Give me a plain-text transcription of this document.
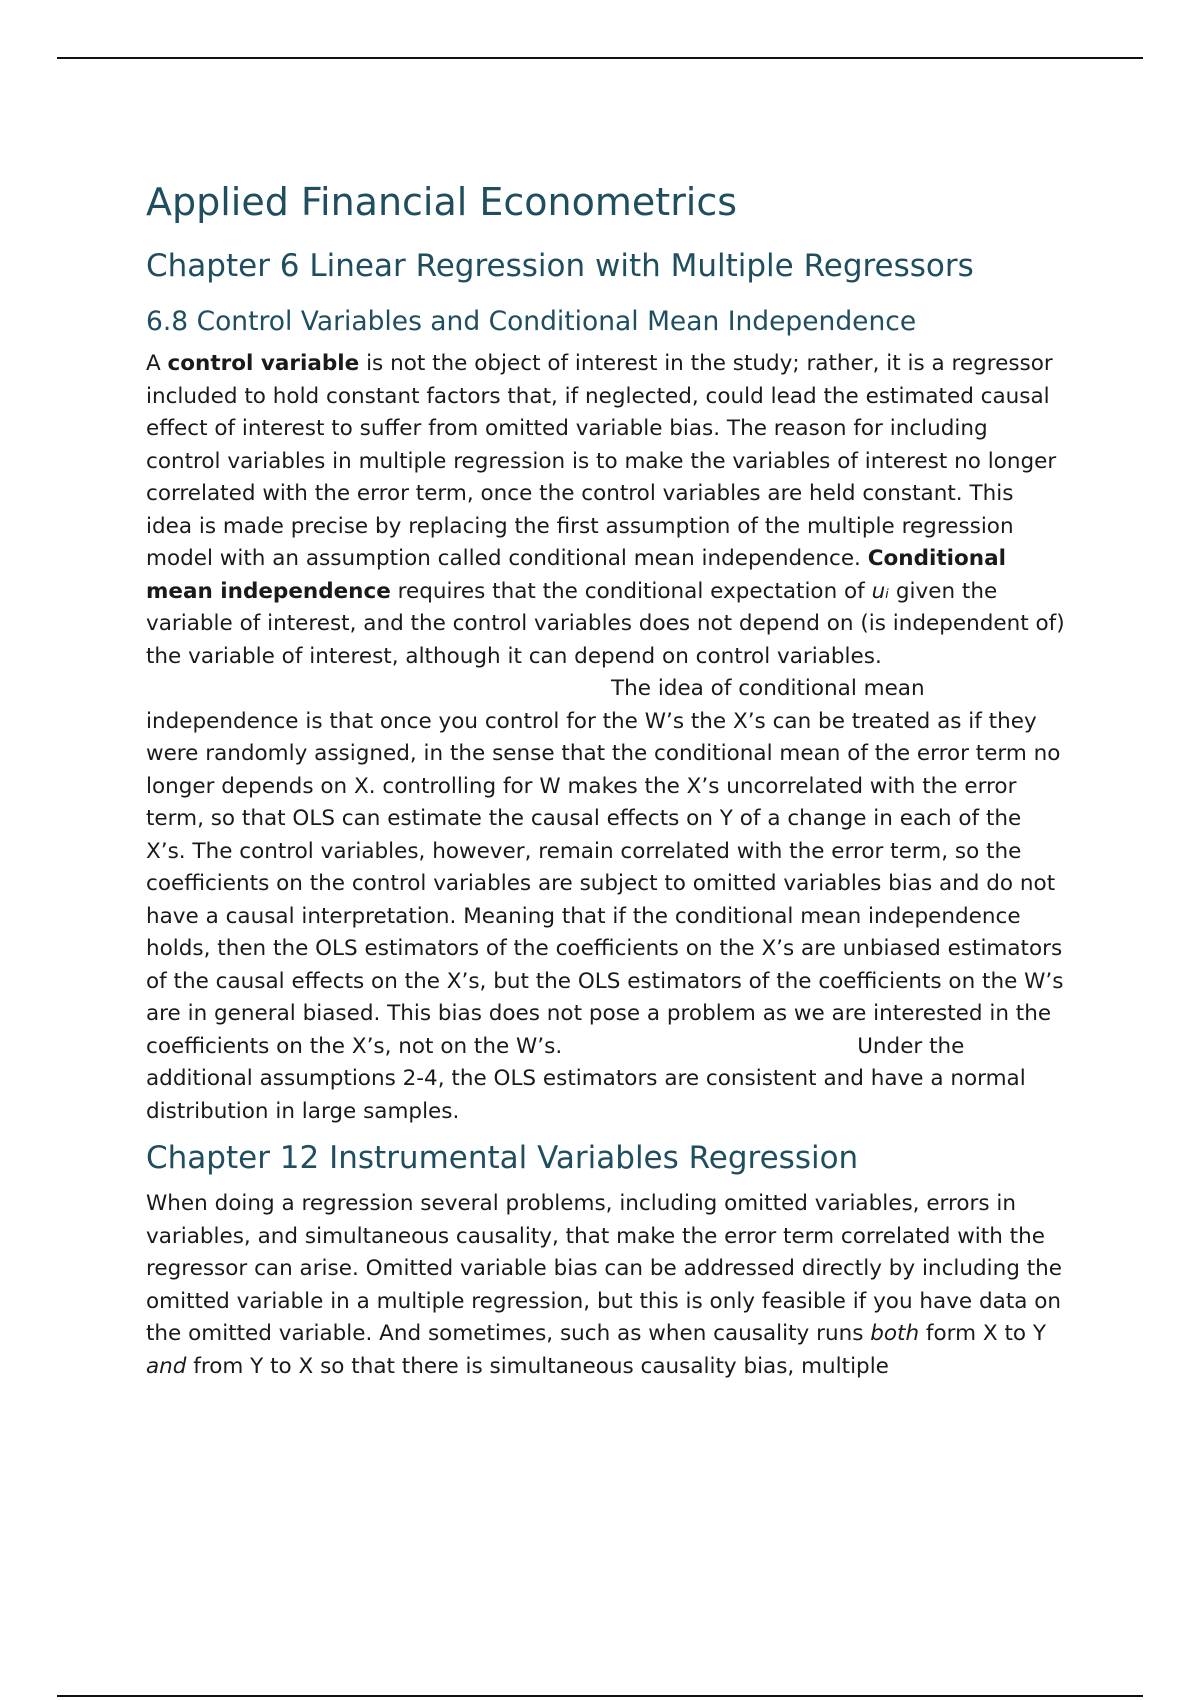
Applied Financial Econometrics
Chapter 6 Linear Regression with Multiple Regressors
6.8 Control Variables and Conditional Mean Independence

A control variable is not the object of interest in the study; rather, it is a regressor included to hold constant factors that, if neglected, could lead the estimated causal effect of interest to suffer from omitted variable bias. The reason for including control variables in multiple regression is to make the variables of interest no longer correlated with the error term, once the control variables are held constant. This idea is made precise by replacing the first assumption of the multiple regression model with an assumption called conditional mean independence. Conditional mean independence requires that the conditional expectation of uᵢ given the variable of interest, and the control variables does not depend on (is independent of) the variable of interest, although it can depend on control variables.The idea of conditional mean independence is that once you control for the W’s the X’s can be treated as if they were randomly assigned, in the sense that the conditional mean of the error term no longer depends on X. controlling for W makes the X’s uncorrelated with the error term, so that OLS can estimate the causal effects on Y of a change in each of the X’s. The control variables, however, remain correlated with the error term, so the coefficients on the control variables are subject to omitted variables bias and do not have a causal interpretation. Meaning that if the conditional mean independence holds, then the OLS estimators of the coefficients on the X’s are unbiased estimators of the causal effects on the X’s, but the OLS estimators of the coefficients on the W’s are in general biased. This bias does not pose a problem as we are interested in the coefficients on the X’s, not on the W’s.	Under the additional assumptions 2-4, the OLS estimators are consistent and have a normal distribution in large samples.

Chapter 12 Instrumental Variables Regression

When doing a regression several problems, including omitted variables, errors in variables, and simultaneous causality, that make the error term correlated with the regressor can arise. Omitted variable bias can be addressed directly by including the omitted variable in a multiple regression, but this is only feasible if you have data on the omitted variable. And sometimes, such as when causality runs both form X to Y and from Y to X so that there is simultaneous causality bias, multiple
